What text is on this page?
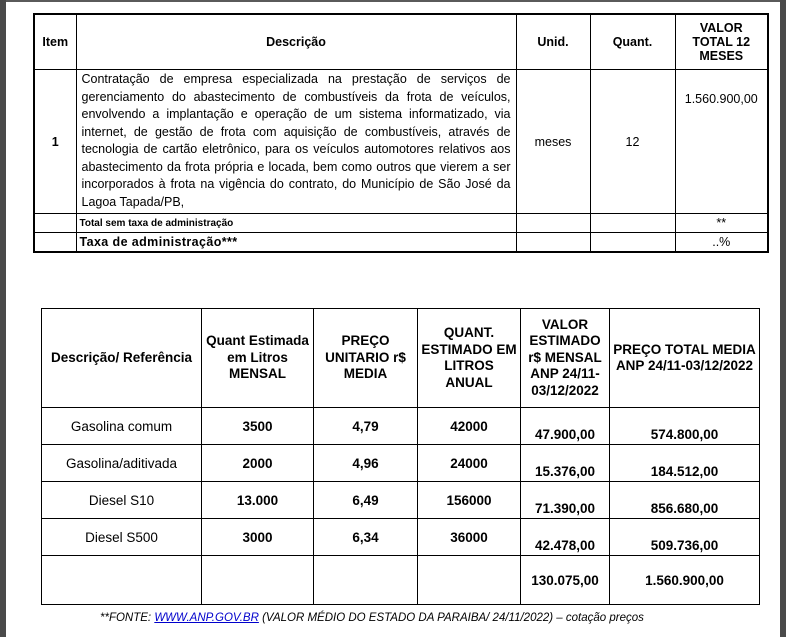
Item	Descrição	Unid.	Quant.	VALOR TOTAL 12 MESES
1	Contratação de empresa especializada na prestação de serviços de gerenciamento do abastecimento de combustíveis da frota de veículos, envolvendo a implantação e operação de um sistema informatizado, via internet, de gestão de frota com aquisição de combustíveis, através de tecnologia de cartão eletrônico, para os veículos automotores relativos aos abastecimento da frota própria e locada, bem como outros que vierem a ser incorporados à frota na vigência do contrato, do Município de São José da Lagoa Tapada/PB,	meses	12	1.560.900,00
	Total sem taxa de administração			**
	Taxa de administração***			..%
Descrição/ Referência	Quant Estimada em Litros MENSAL	PREÇO UNITARIO r$ MEDIA	QUANT. ESTIMADO EM LITROS ANUAL	VALOR ESTIMADO r$ MENSAL ANP 24/11-03/12/2022	PREÇO TOTAL MEDIA ANP 24/11-03/12/2022
Gasolina comum	3500	4,79	42000	47.900,00	574.800,00
Gasolina/aditivada	2000	4,96	24000	15.376,00	184.512,00
Diesel S10	13.000	6,49	156000	71.390,00	856.680,00
Diesel S500	3000	6,34	36000	42.478,00	509.736,00
				130.075,00	1.560.900,00
**FONTE: WWW.ANP.GOV.BR (VALOR MÉDIO DO ESTADO DA PARAIBA/ 24/11/2022) – cotação preços
